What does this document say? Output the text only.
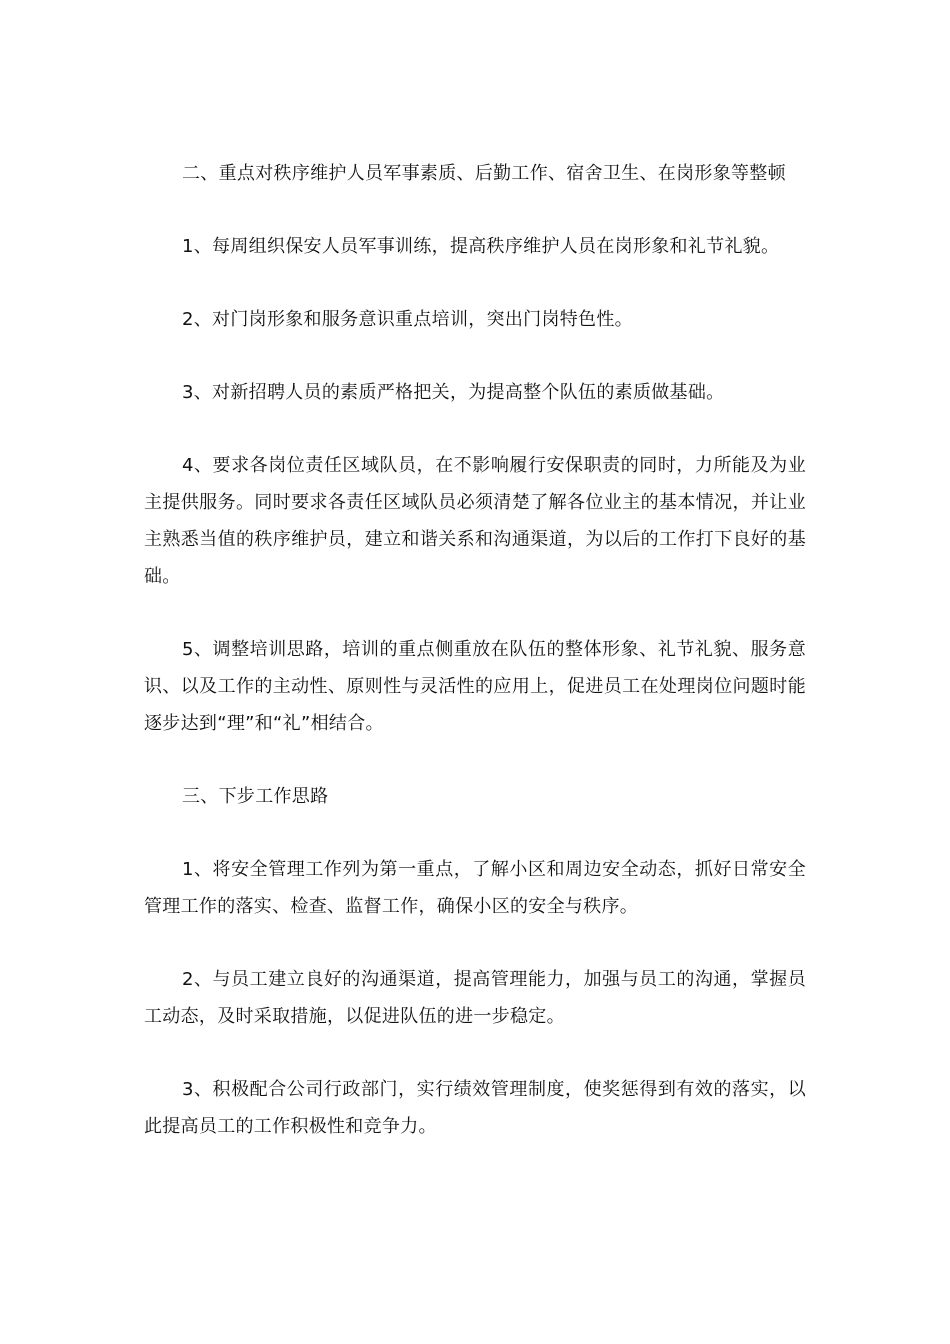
二、重点对秩序维护人员军事素质、后勤工作、宿舍卫生、在岗形象等整顿

1、每周组织保安人员军事训练，提高秩序维护人员在岗形象和礼节礼貌。

2、对门岗形象和服务意识重点培训，突出门岗特色性。

3、对新招聘人员的素质严格把关，为提高整个队伍的素质做基础。

4、要求各岗位责任区域队员，在不影响履行安保职责的同时，力所能及为业主提供服务。同时要求各责任区域队员必须清楚了解各位业主的基本情况，并让业主熟悉当值的秩序维护员，建立和谐关系和沟通渠道，为以后的工作打下良好的基础。

5、调整培训思路，培训的重点侧重放在队伍的整体形象、礼节礼貌、服务意识、以及工作的主动性、原则性与灵活性的应用上，促进员工在处理岗位问题时能逐步达到“理”和“礼”相结合。

三、下步工作思路

1、将安全管理工作列为第一重点，了解小区和周边安全动态，抓好日常安全管理工作的落实、检查、监督工作，确保小区的安全与秩序。

2、与员工建立良好的沟通渠道，提高管理能力，加强与员工的沟通，掌握员工动态，及时采取措施，以促进队伍的进一步稳定。

3、积极配合公司行政部门，实行绩效管理制度，使奖惩得到有效的落实，以此提高员工的工作积极性和竞争力。
